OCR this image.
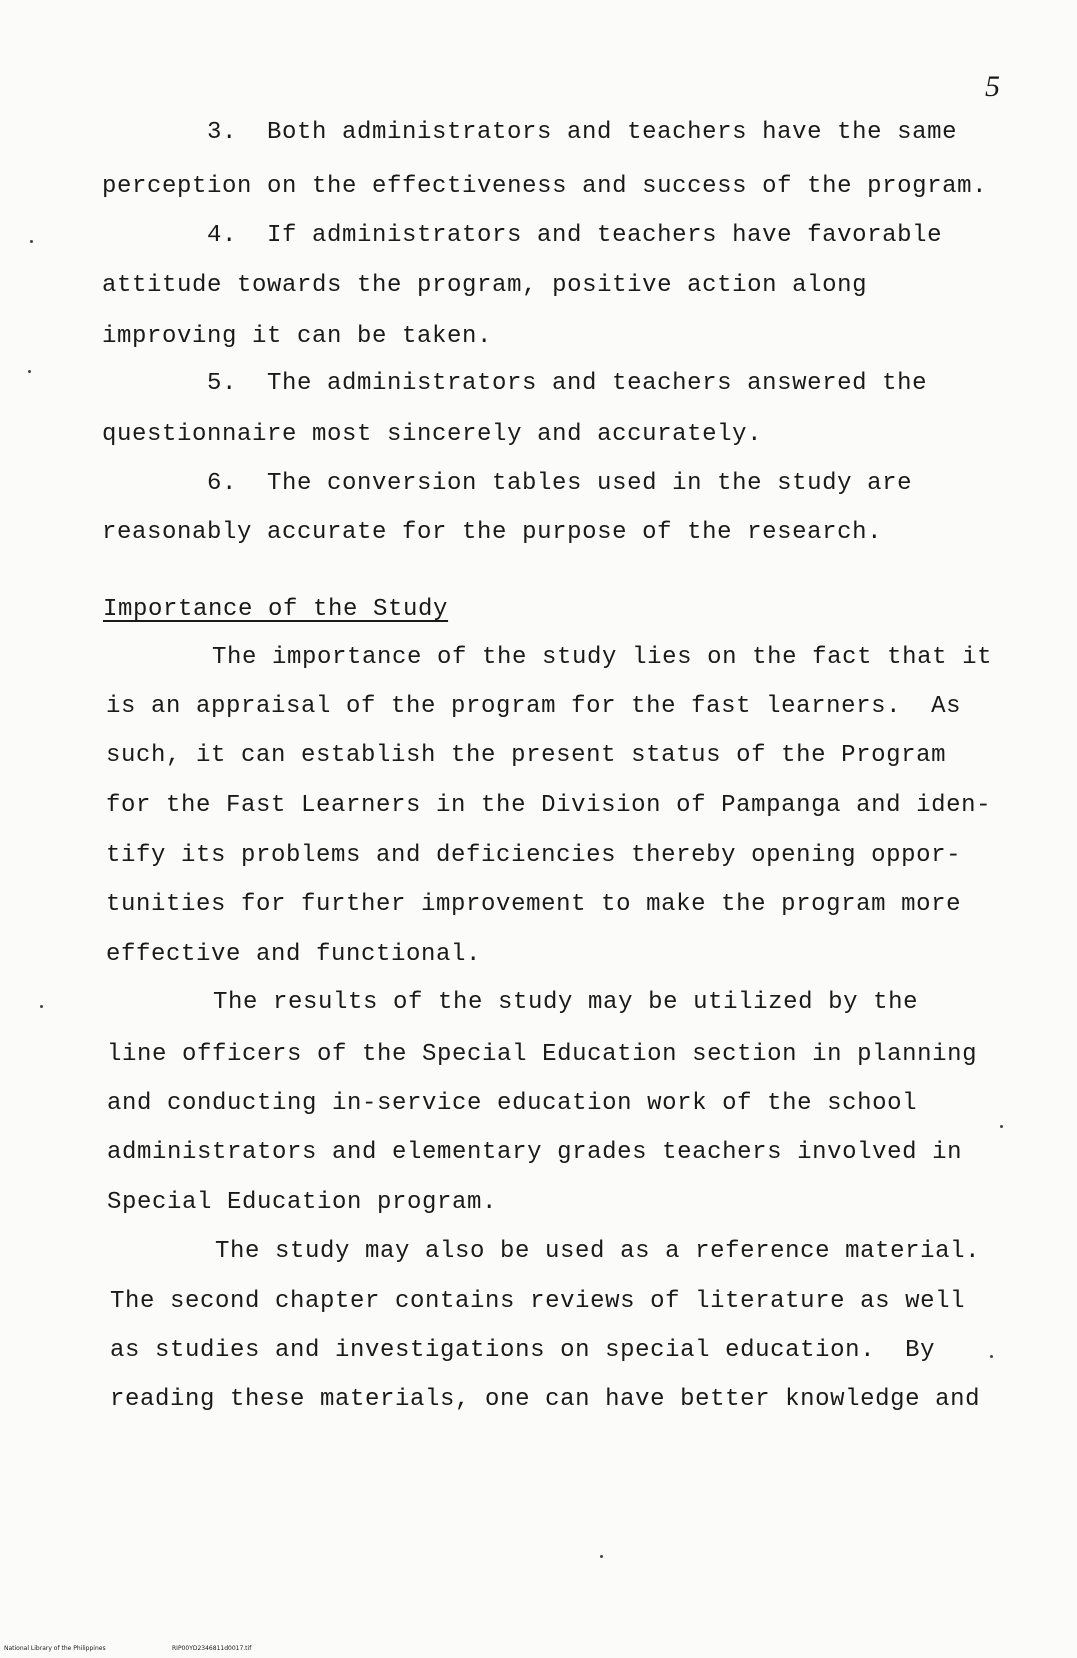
5
3.  Both administrators and teachers have the same
perception on the effectiveness and success of the program.
4.  If administrators and teachers have favorable
attitude towards the program, positive action along
improving it can be taken.
5.  The administrators and teachers answered the
questionnaire most sincerely and accurately.
6.  The conversion tables used in the study are
reasonably accurate for the purpose of the research.
Importance of the Study
The importance of the study lies on the fact that it
is an appraisal of the program for the fast learners.  As
such, it can establish the present status of the Program
for the Fast Learners in the Division of Pampanga and iden-
tify its problems and deficiencies thereby opening oppor-
tunities for further improvement to make the program more
effective and functional.
The results of the study may be utilized by the
line officers of the Special Education section in planning
and conducting in-service education work of the school
administrators and elementary grades teachers involved in
Special Education program.
The study may also be used as a reference material.
The second chapter contains reviews of literature as well
as studies and investigations on special education.  By
reading these materials, one can have better knowledge and
National Library of the Philippines	RIP00YD2346811d0017.tif
